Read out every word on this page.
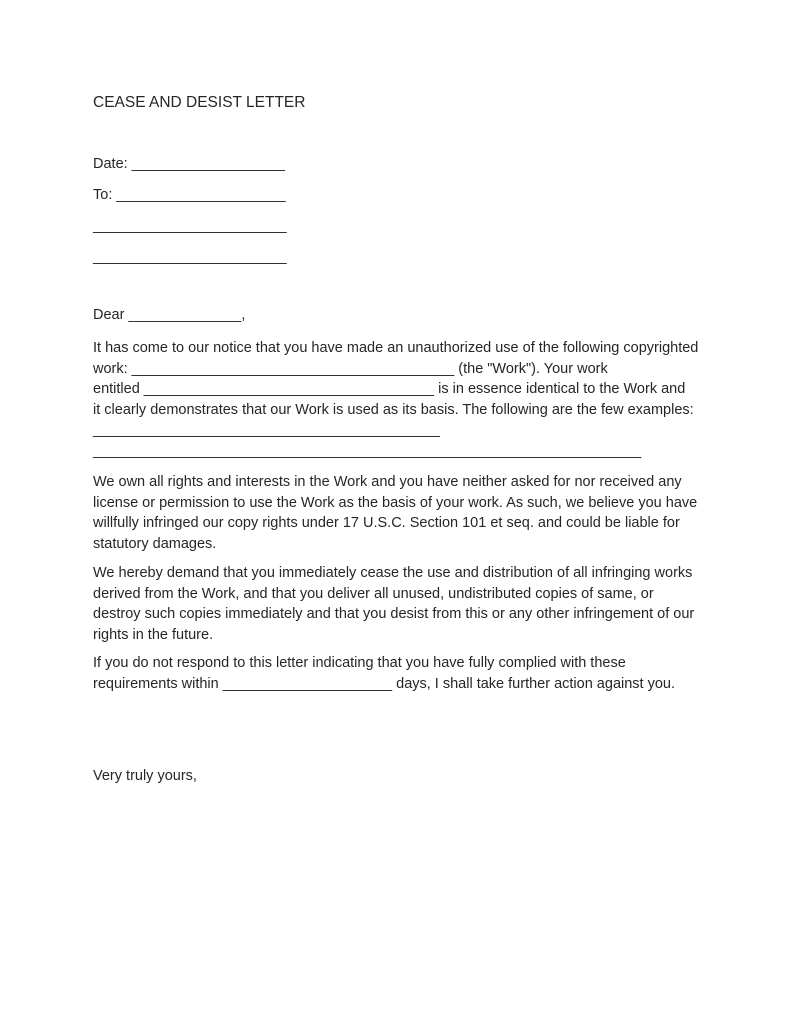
CEASE AND DESIST LETTER
Date: ___________________
To: _____________________
________________________
________________________
Dear ______________,
It has come to our notice that you have made an unauthorized use of the following copyrighted
work: ________________________________________ (the "Work"). Your work
entitled ____________________________________ is in essence identical to the Work and
it clearly demonstrates that our Work is used as its basis. The following are the few examples:
___________________________________________
____________________________________________________________________
We own all rights and interests in the Work and you have neither asked for nor received any
license or permission to use the Work as the basis of your work. As such, we believe you have
willfully infringed our copy rights under 17 U.S.C. Section 101 et seq. and could be liable for
statutory damages.
We hereby demand that you immediately cease the use and distribution of all infringing works
derived from the Work, and that you deliver all unused, undistributed copies of same, or
destroy such copies immediately and that you desist from this or any other infringement of our
rights in the future.
If you do not respond to this letter indicating that you have fully complied with these
requirements within _____________________ days, I shall take further action against you.
Very truly yours,
